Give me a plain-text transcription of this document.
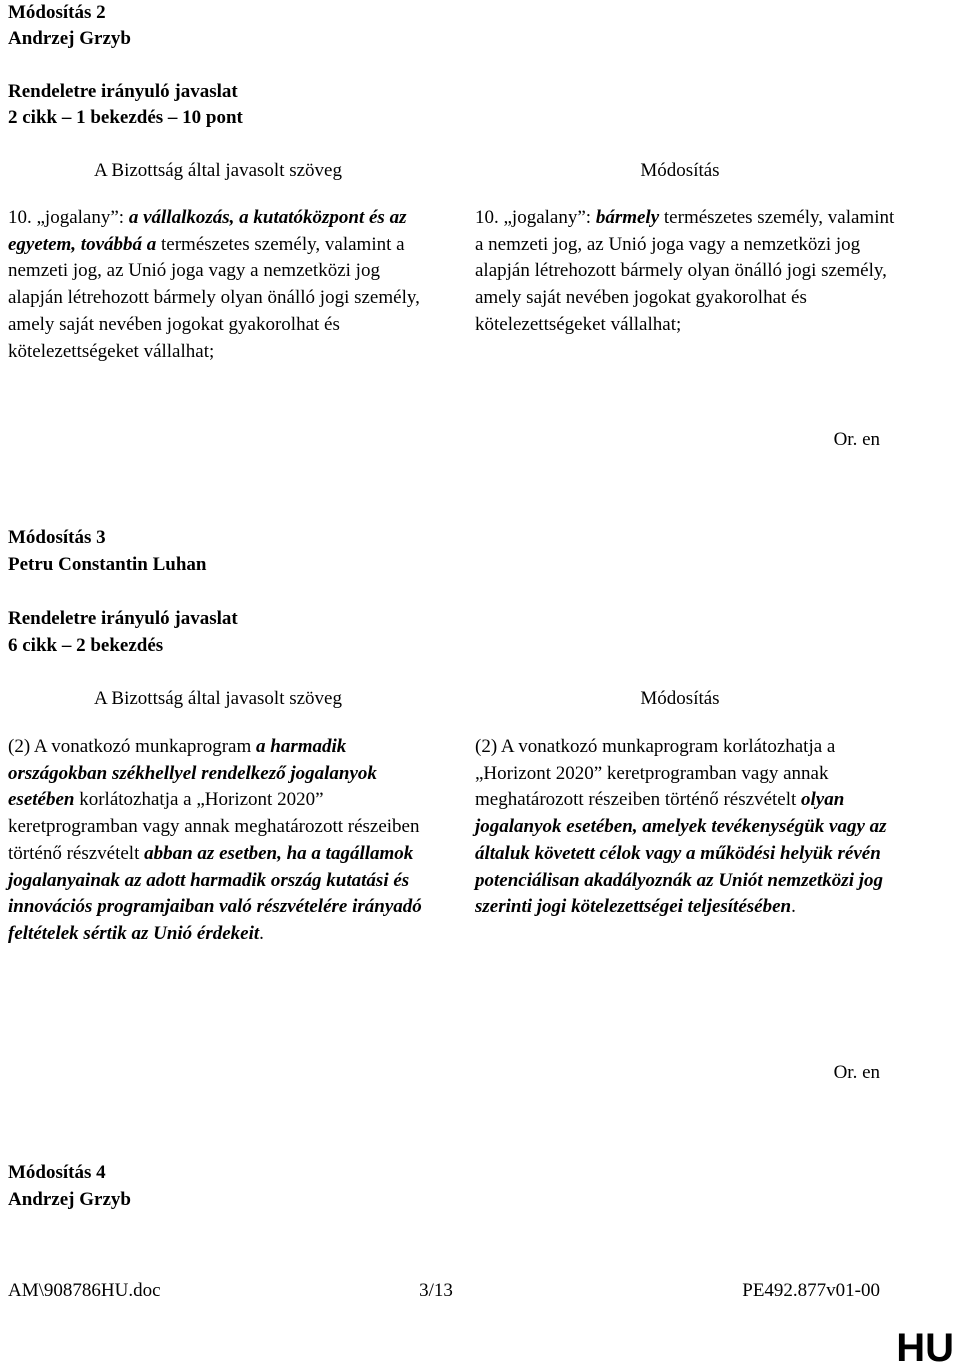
Módosítás 2
Andrzej Grzyb
Rendeletre irányuló javaslat
2 cikk – 1 bekezdés – 10 pont
A Bizottság által javasolt szöveg	Módosítás

10. „jogalany”: a vállalkozás, a kutatóközpont és az egyetem, továbbá a természetes személy, valamint a nemzeti jog, az Unió joga vagy a nemzetközi jog alapján létrehozott bármely olyan önálló jogi személy, amely saját nevében jogokat gyakorolhat és kötelezettségeket vállalhat;

10. „jogalany”: bármely természetes személy, valamint a nemzeti jog, az Unió joga vagy a nemzetközi jog alapján létrehozott bármely olyan önálló jogi személy, amely saját nevében jogokat gyakorolhat és kötelezettségeket vállalhat;

Or. en
Módosítás 3
Petru Constantin Luhan
Rendeletre irányuló javaslat
6 cikk – 2 bekezdés
A Bizottság által javasolt szöveg	Módosítás

(2) A vonatkozó munkaprogram a harmadik országokban székhellyel rendelkező jogalanyok esetében korlátozhatja a „Horizont 2020” keretprogramban vagy annak meghatározott részeiben történő részvételt abban az esetben, ha a tagállamok jogalanyainak az adott harmadik ország kutatási és innovációs programjaiban való részvételére irányadó feltételek sértik az Unió érdekeit.

(2) A vonatkozó munkaprogram korlátozhatja a „Horizont 2020” keretprogramban vagy annak meghatározott részeiben történő részvételt olyan jogalanyok esetében, amelyek tevékenységük vagy az általuk követett célok vagy a működési helyük révén potenciálisan akadályoznák az Uniót nemzetközi jog szerinti jogi kötelezettségei teljesítésében.

Or. en
Módosítás 4
Andrzej Grzyb
AM\908786HU.doc	3/13	PE492.877v01-00
HU
